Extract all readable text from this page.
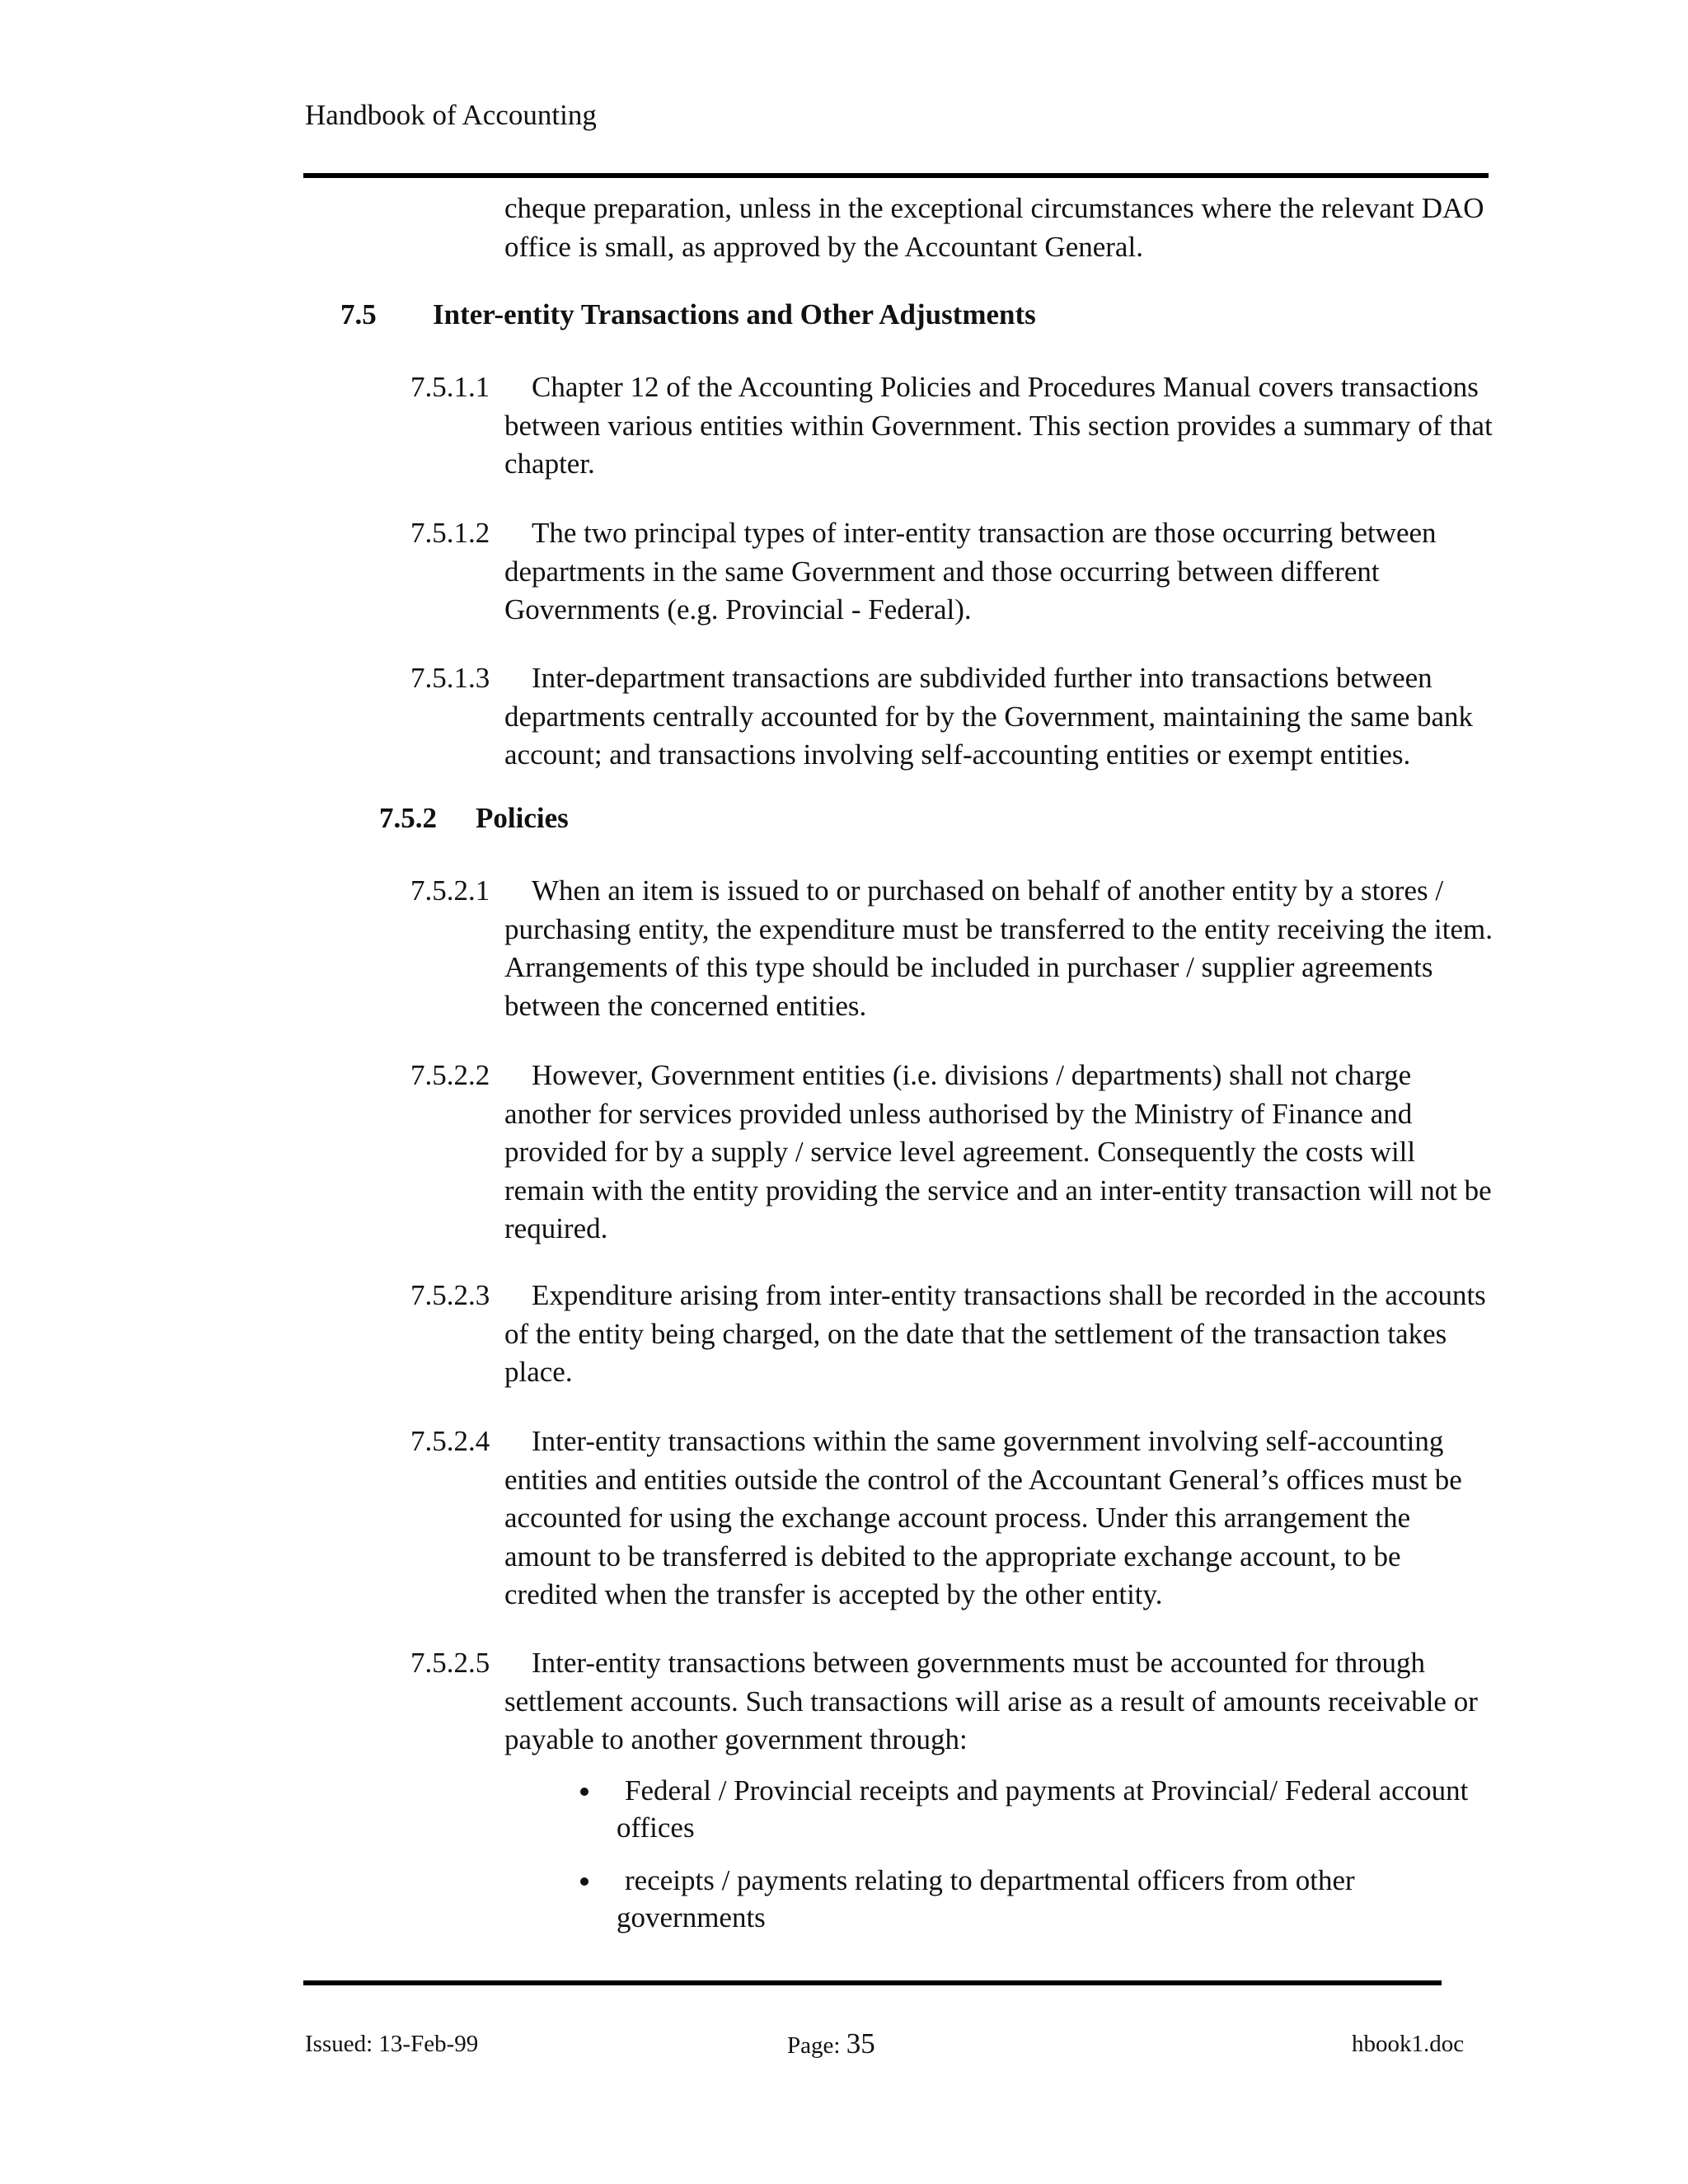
Handbook of Accounting
cheque preparation, unless in the exceptional circumstances where the relevant DAO office is small, as approved by the Accountant General.
7.5 Inter-entity Transactions and Other Adjustments
7.5.1.1	Chapter 12 of the Accounting Policies and Procedures Manual covers transactions between various entities within Government. This section provides a summary of that chapter.
7.5.1.2	The two principal types of inter-entity transaction are those occurring between departments in the same Government and those occurring between different Governments (e.g. Provincial - Federal).
7.5.1.3	Inter-department transactions are subdivided further into transactions between departments centrally accounted for by the Government, maintaining the same bank account; and transactions involving self-accounting entities or exempt entities.
7.5.2 Policies
7.5.2.1	When an item is issued to or purchased on behalf of another entity by a stores / purchasing entity, the expenditure must be transferred to the entity receiving the item. Arrangements of this type should be included in purchaser / supplier agreements between the concerned entities.
7.5.2.2	However, Government entities (i.e. divisions / departments) shall not charge another for services provided unless authorised by the Ministry of Finance and provided for by a supply / service level agreement. Consequently the costs will remain with the entity providing the service and an inter-entity transaction will not be required.
7.5.2.3	Expenditure arising from inter-entity transactions shall be recorded in the accounts of the entity being charged, on the date that the settlement of the transaction takes place.
7.5.2.4	Inter-entity transactions within the same government involving self-accounting entities and entities outside the control of the Accountant General’s offices must be accounted for using the exchange account process. Under this arrangement the amount to be transferred is debited to the appropriate exchange account, to be credited when the transfer is accepted by the other entity.
7.5.2.5	Inter-entity transactions between governments must be accounted for through settlement accounts. Such transactions will arise as a result of amounts receivable or payable to another government through:
Federal / Provincial receipts and payments at Provincial/ Federal account offices
receipts / payments relating to departmental officers from other governments
Issued: 13-Feb-99	Page: 35	hbook1.doc
